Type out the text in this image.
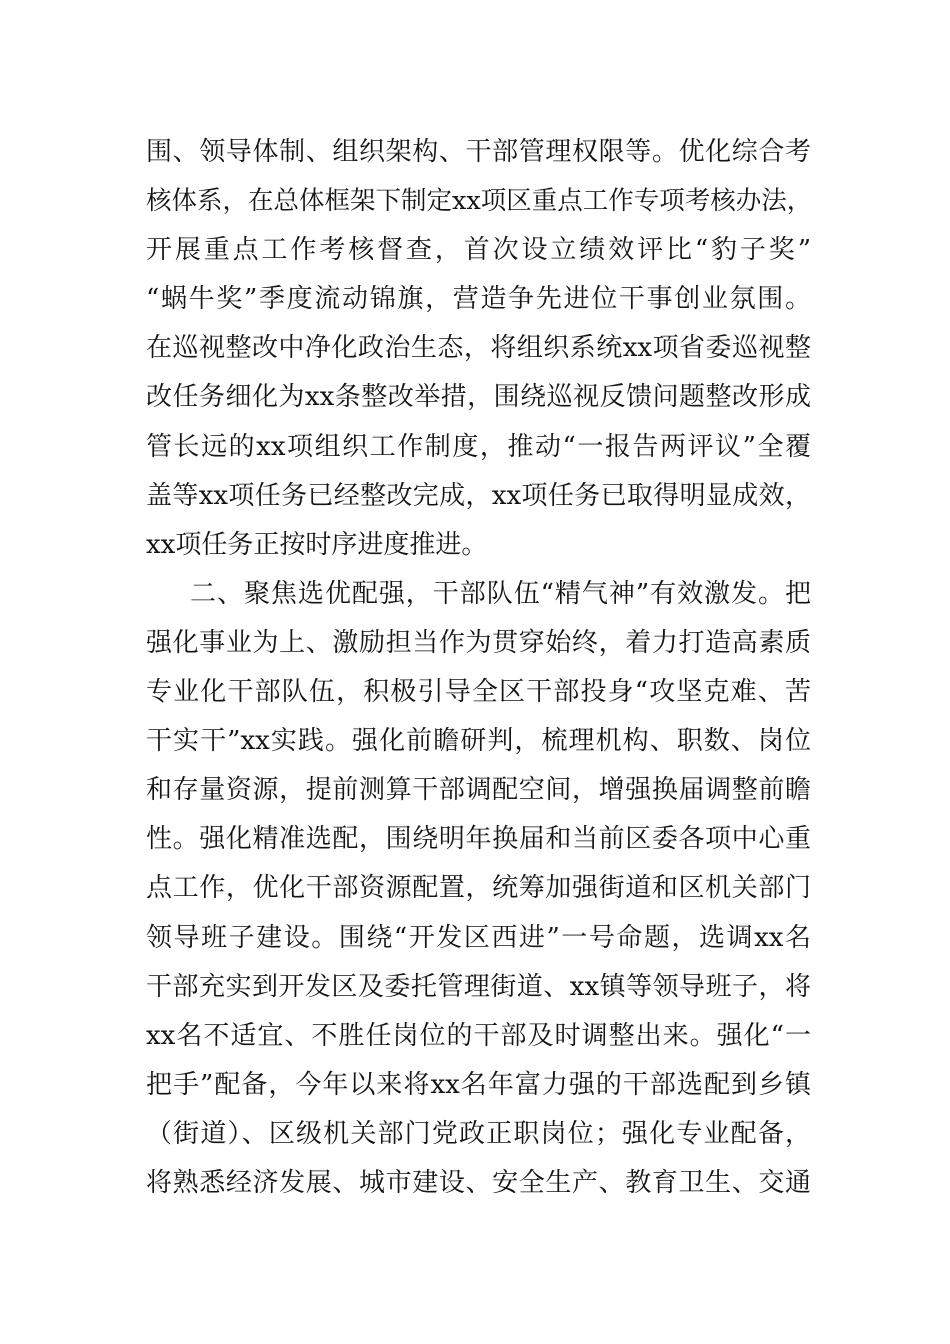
围、领导体制、组织架构、干部管理权限等。优化综合考
核体系，在总体框架下制定xx项区重点工作专项考核办法，
开展重点工作考核督查，首次设立绩效评比“豹子奖”
“蜗牛奖”季度流动锦旗，营造争先进位干事创业氛围。
在巡视整改中净化政治生态，将组织系统xx项省委巡视整
改任务细化为xx条整改举措，围绕巡视反馈问题整改形成
管长远的xx项组织工作制度，推动“一报告两评议”全覆
盖等xx项任务已经整改完成，xx项任务已取得明显成效，
xx项任务正按时序进度推进。
二、聚焦选优配强，干部队伍“精气神”有效激发。把
强化事业为上、激励担当作为贯穿始终，着力打造高素质
专业化干部队伍，积极引导全区干部投身“攻坚克难、苦
干实干”xx实践。强化前瞻研判，梳理机构、职数、岗位
和存量资源，提前测算干部调配空间，增强换届调整前瞻
性。强化精准选配，围绕明年换届和当前区委各项中心重
点工作，优化干部资源配置，统筹加强街道和区机关部门
领导班子建设。围绕“开发区西进”一号命题，选调xx名
干部充实到开发区及委托管理街道、xx镇等领导班子，将
xx名不适宜、不胜任岗位的干部及时调整出来。强化“一
把手”配备，今年以来将xx名年富力强的干部选配到乡镇
（街道）、区级机关部门党政正职岗位；强化专业配备，
将熟悉经济发展、城市建设、安全生产、教育卫生、交通
